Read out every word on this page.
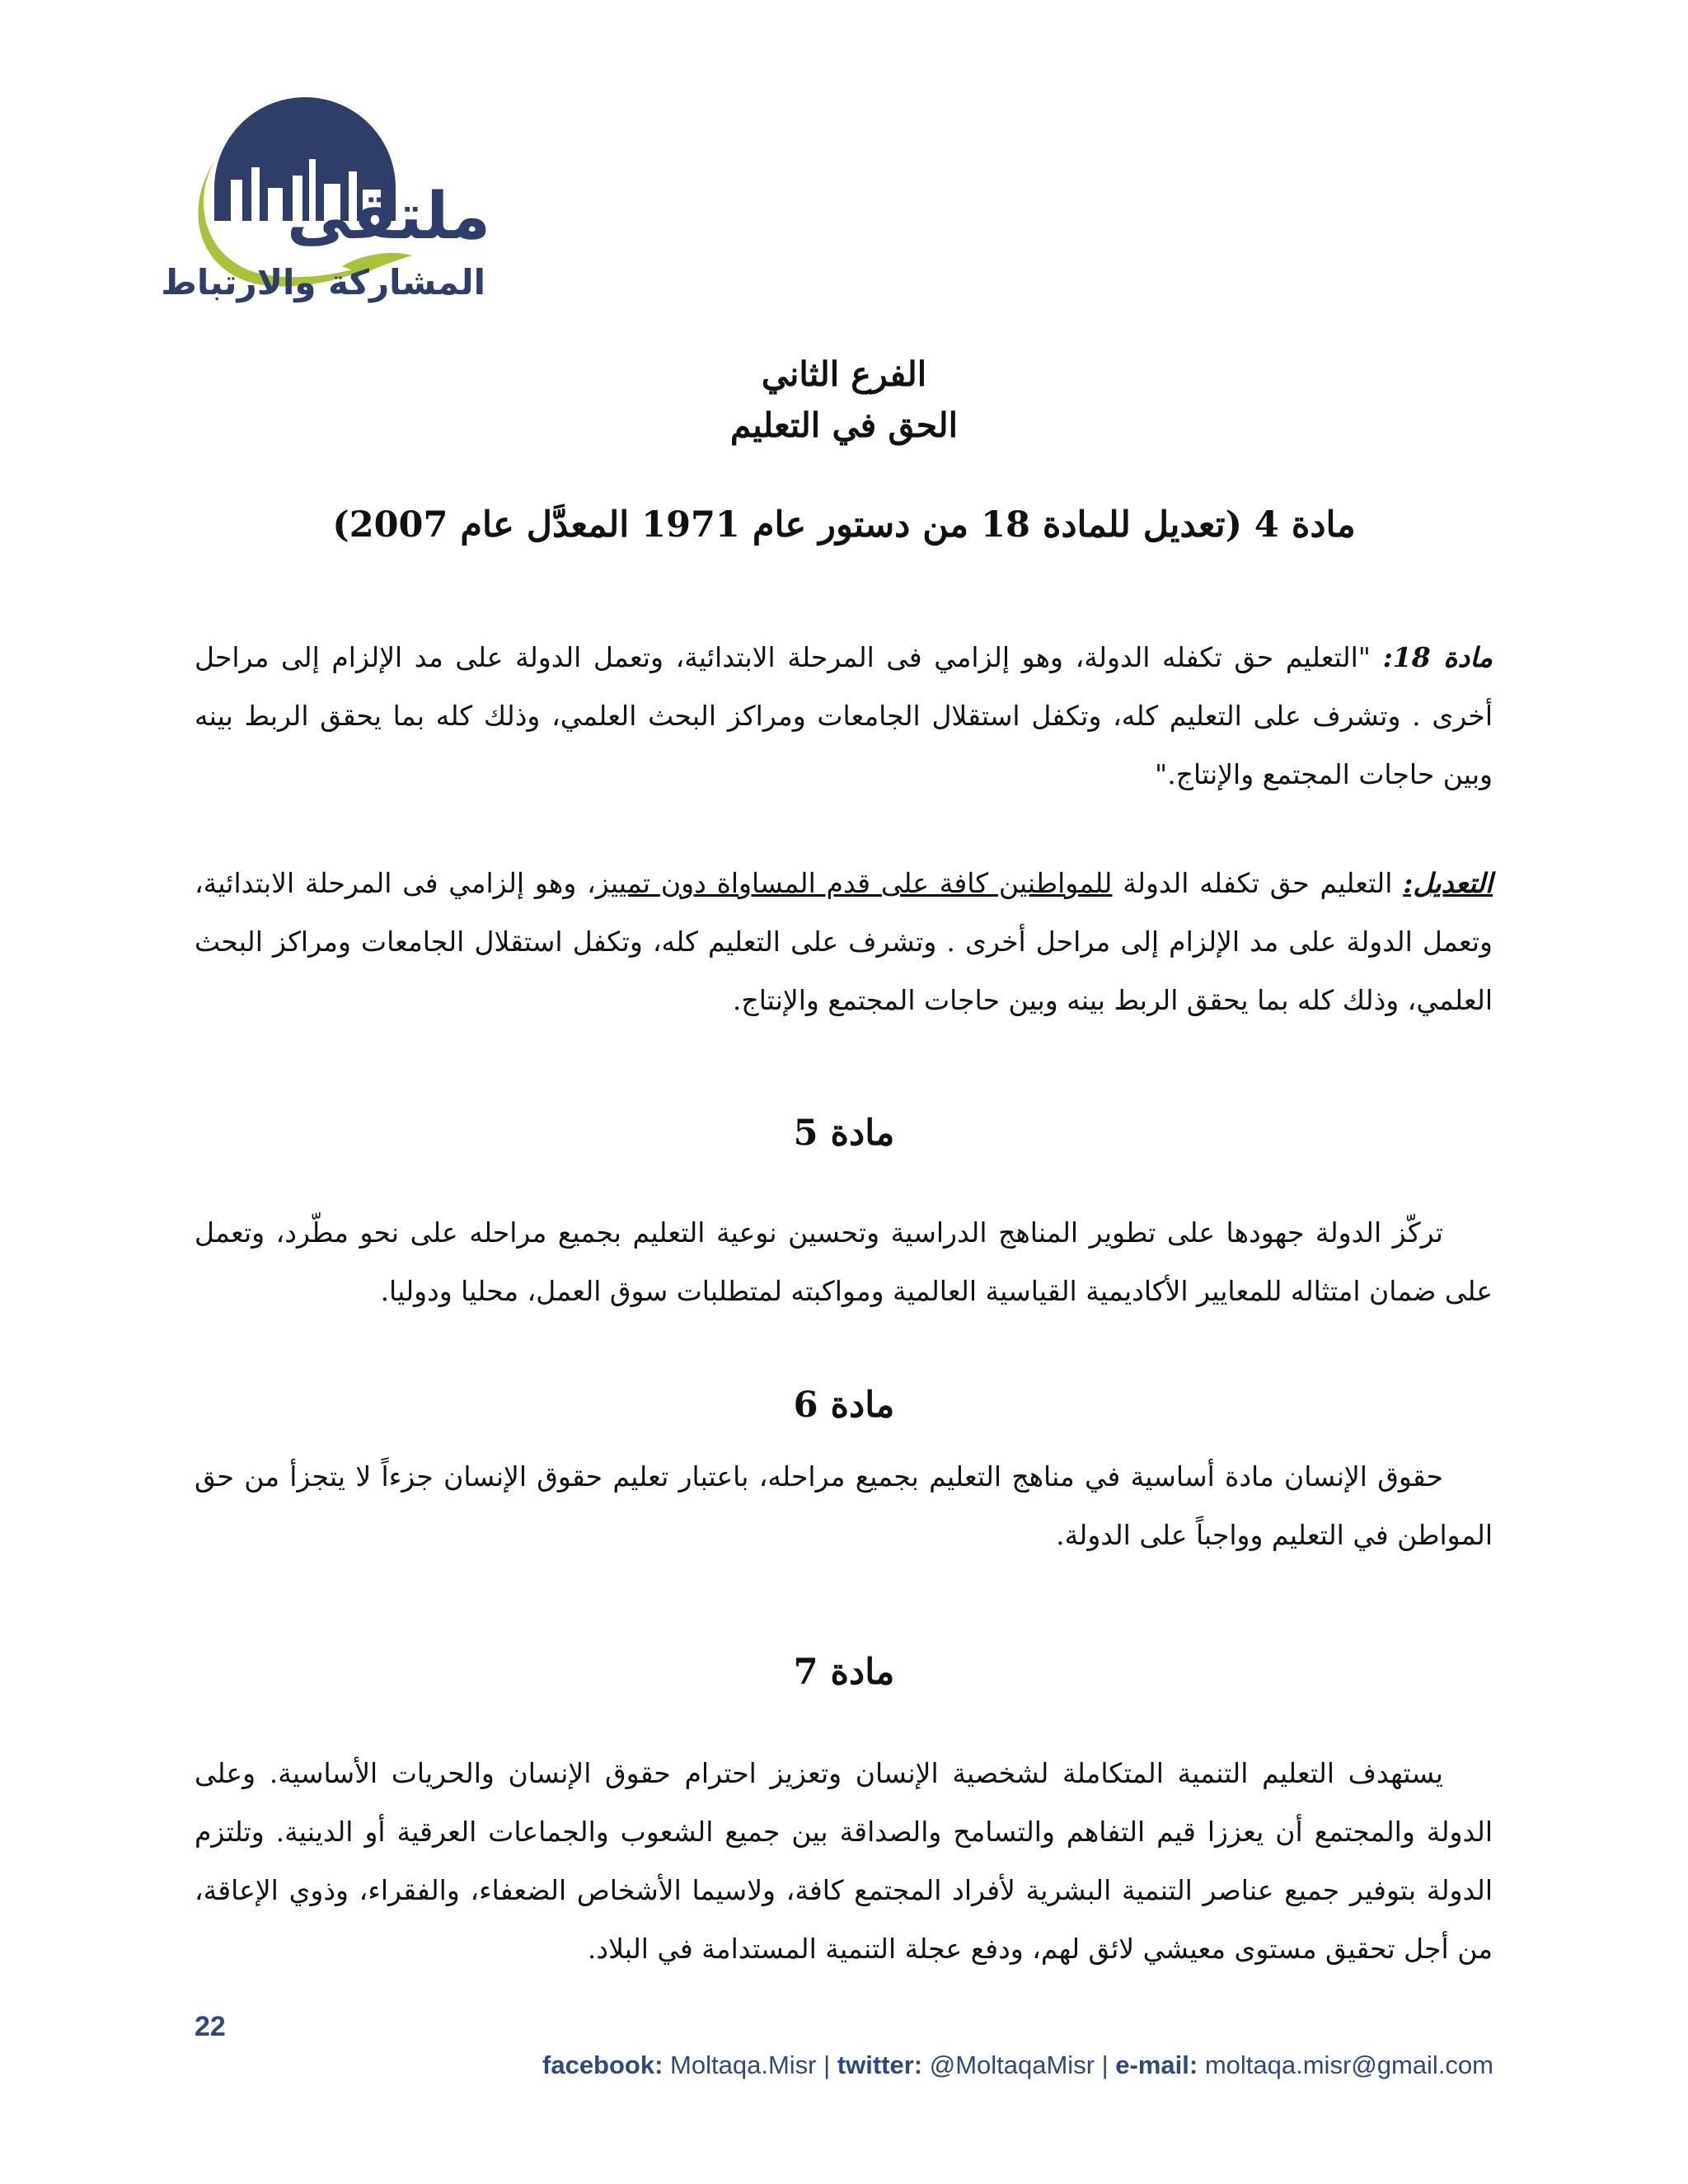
ملتقى
المشاركة والارتباط
الفرع الثاني
الحق في التعليم
مادة 4 (تعديل للمادة 18 من دستور عام 1971 المعدَّل عام 2007)
مادة 18: "التعليم حق تكفله الدولة، وهو إلزامي فى المرحلة الابتدائية، وتعمل الدولة على مد الإلزام إلى مراحل أخرى . وتشرف على التعليم كله، وتكفل استقلال الجامعات ومراكز البحث العلمي، وذلك كله بما يحقق الربط بينه وبين حاجات المجتمع والإنتاج."
التعديل: التعليم حق تكفله الدولة للمواطنين كافة على قدم المساواة دون تمييز، وهو إلزامي فى المرحلة الابتدائية، وتعمل الدولة على مد الإلزام إلى مراحل أخرى . وتشرف على التعليم كله، وتكفل استقلال الجامعات ومراكز البحث العلمي، وذلك كله بما يحقق الربط بينه وبين حاجات المجتمع والإنتاج.
مادة 5
تركّز الدولة جهودها على تطوير المناهج الدراسية وتحسين نوعية التعليم بجميع مراحله على نحو مطّرد، وتعمل على ضمان امتثاله للمعايير الأكاديمية القياسية العالمية ومواكبته لمتطلبات سوق العمل، محليا ودوليا.
مادة 6
حقوق الإنسان مادة أساسية في مناهج التعليم بجميع مراحله، باعتبار تعليم حقوق الإنسان جزءاً لا يتجزأ من حق المواطن في التعليم وواجباً على الدولة.
مادة 7
يستهدف التعليم التنمية المتكاملة لشخصية الإنسان وتعزيز احترام حقوق الإنسان والحريات الأساسية. وعلى الدولة والمجتمع أن يعززا قيم التفاهم والتسامح والصداقة بين جميع الشعوب والجماعات العرقية أو الدينية. وتلتزم الدولة بتوفير جميع عناصر التنمية البشرية لأفراد المجتمع كافة، ولاسيما الأشخاص الضعفاء، والفقراء، وذوي الإعاقة، من أجل تحقيق مستوى معيشي لائق لهم، ودفع عجلة التنمية المستدامة في البلاد.
22
facebook: Moltaqa.Misr | twitter: @MoltaqaMisr | e-mail: moltaqa.misr@gmail.com
